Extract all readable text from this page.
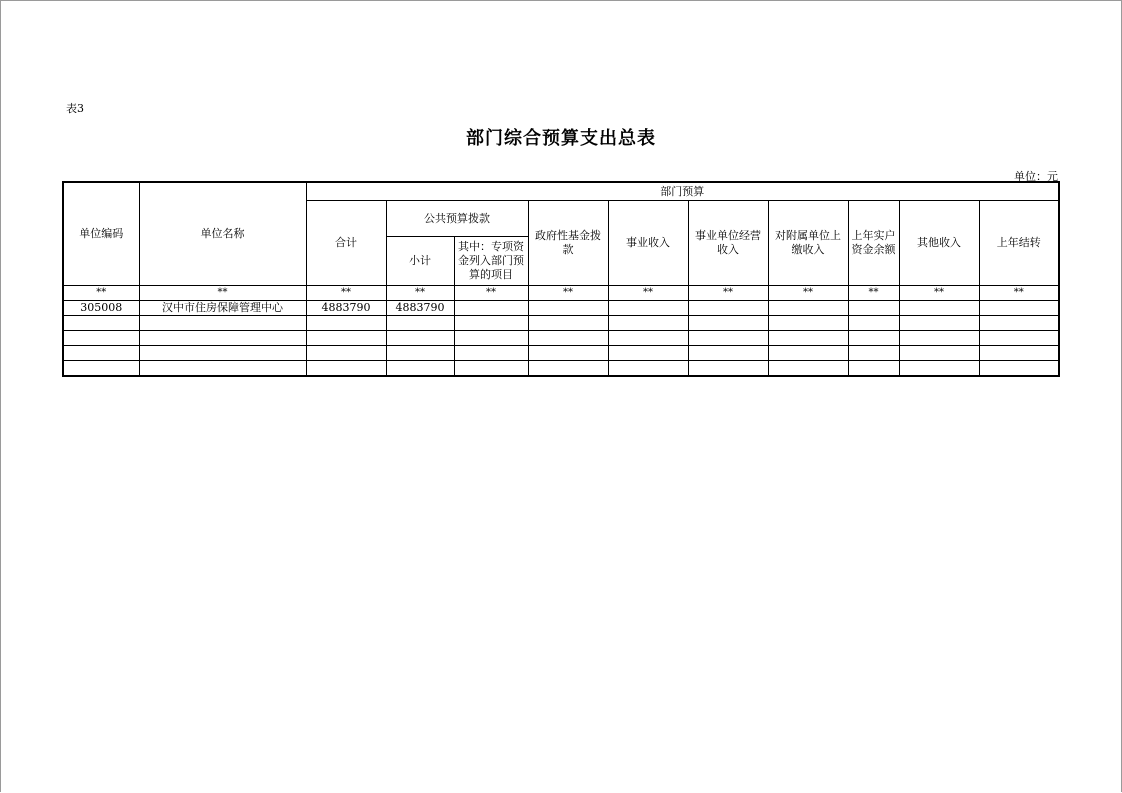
表3
部门综合预算支出总表
单位：元
单位编码	单位名称	部门预算									
		合计	公共预算拨款		政府性基金拨款	事业收入	事业单位经营收入	对附属单位上缴收入	上年实户资金余额	其他收入	上年结转
			小计	其中：专项资金列入部门预算的项目							
**	**	**	**	**	**	**	**	**	**	**	**
305008	汉中市住房保障管理中心	4883790	4883790								
